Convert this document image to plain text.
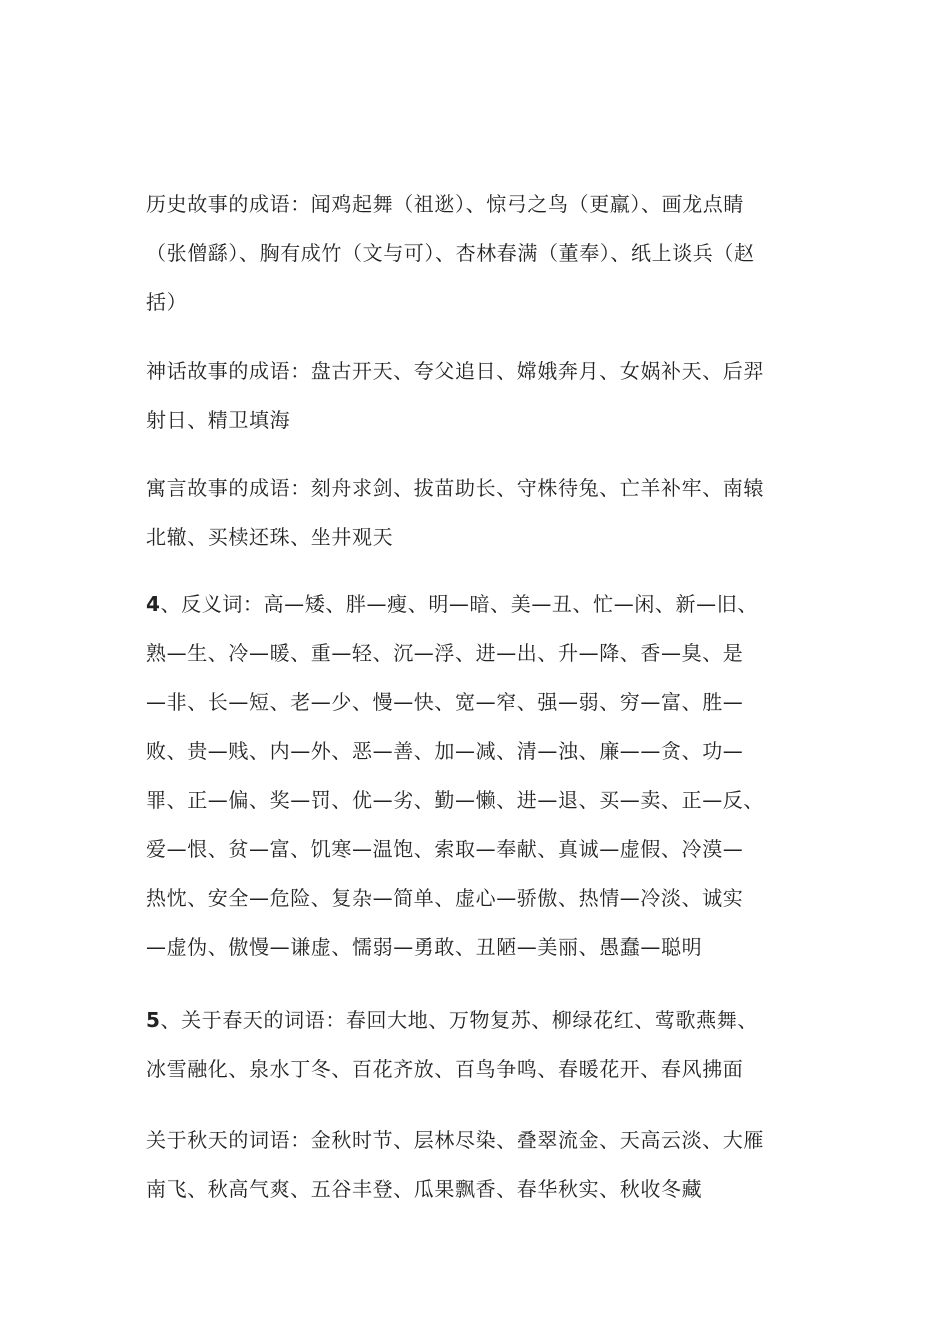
历史故事的成语：闻鸡起舞（祖逖）、惊弓之鸟（更羸）、画龙点睛
（张僧繇）、胸有成竹（文与可）、杏林春满（董奉）、纸上谈兵（赵
括）
神话故事的成语：盘古开天、夸父追日、嫦娥奔月、女娲补天、后羿
射日、精卫填海
寓言故事的成语：刻舟求剑、拔苗助长、守株待兔、亡羊补牢、南辕
北辙、买椟还珠、坐井观天
4、反义词：高—矮、胖—瘦、明—暗、美—丑、忙—闲、新—旧、
熟—生、冷—暖、重—轻、沉—浮、进—出、升—降、香—臭、是
—非、长—短、老—少、慢—快、宽—窄、强—弱、穷—富、胜—
败、贵—贱、内—外、恶—善、加—减、清—浊、廉——贪、功—
罪、正—偏、奖—罚、优—劣、勤—懒、进—退、买—卖、正—反、
爱—恨、贫—富、饥寒—温饱、索取—奉献、真诚—虚假、冷漠—
热忱、安全—危险、复杂—简单、虚心—骄傲、热情—冷淡、诚实
—虚伪、傲慢—谦虚、懦弱—勇敢、丑陋—美丽、愚蠢—聪明
5、关于春天的词语：春回大地、万物复苏、柳绿花红、莺歌燕舞、
冰雪融化、泉水丁冬、百花齐放、百鸟争鸣、春暖花开、春风拂面
关于秋天的词语：金秋时节、层林尽染、叠翠流金、天高云淡、大雁
南飞、秋高气爽、五谷丰登、瓜果飘香、春华秋实、秋收冬藏
